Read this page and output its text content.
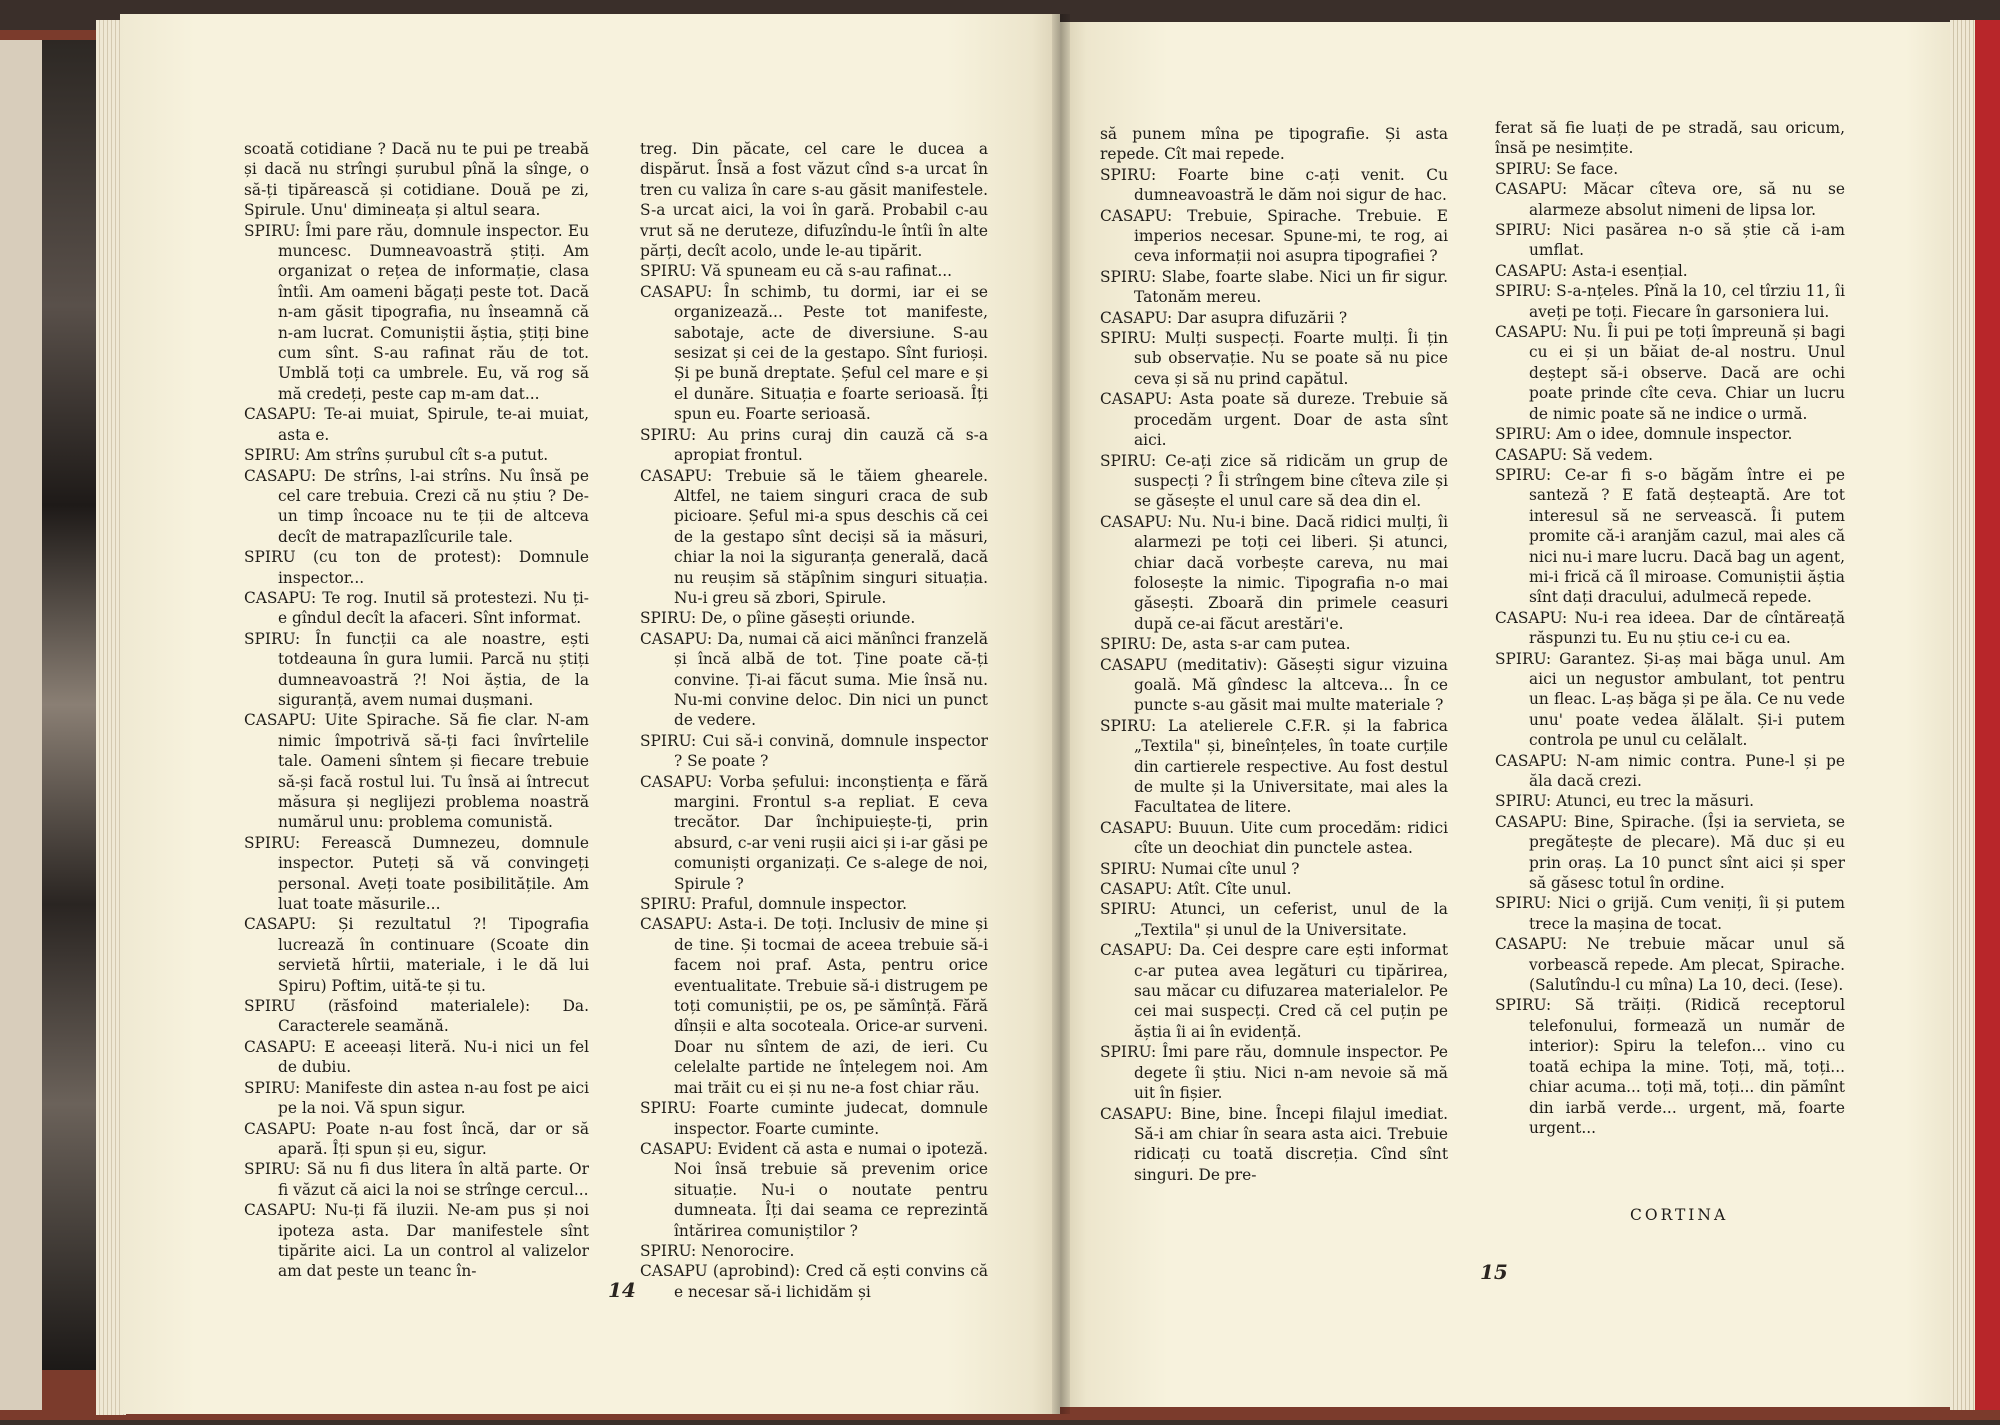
scoată cotidiane ? Dacă nu te pui pe treabă și dacă nu strîngi șurubul pînă la sînge, o să-ți tipărească și cotidiane. Două pe zi, Spirule. Unu' dimineața și altul seara.

SPIRU: Îmi pare rău, domnule inspector. Eu muncesc. Dumneavoastră știți. Am organizat o rețea de informație, clasa întîi. Am oameni băgați peste tot. Dacă n-am găsit tipografia, nu înseamnă că n-am lucrat. Comuniștii ăștia, știți bine cum sînt. S-au rafinat rău de tot. Umblă toți ca umbrele. Eu, vă rog să mă credeți, peste cap m-am dat...

CASAPU: Te-ai muiat, Spirule, te-ai muiat, asta e.

SPIRU: Am strîns șurubul cît s-a putut.

CASAPU: De strîns, l-ai strîns. Nu însă pe cel care trebuia. Crezi că nu știu ? De-un timp încoace nu te ții de altceva decît de matrapazlîcurile tale.

SPIRU (cu ton de protest): Domnule inspector...

CASAPU: Te rog. Inutil să protestezi. Nu ți-e gîndul decît la afaceri. Sînt informat.

SPIRU: În funcții ca ale noastre, ești totdeauna în gura lumii. Parcă nu știți dumneavoastră ?! Noi ăștia, de la siguranță, avem numai dușmani.

CASAPU: Uite Spirache. Să fie clar. N-am nimic împotrivă să-ți faci învîrtelile tale. Oameni sîntem și fiecare trebuie să-și facă rostul lui. Tu însă ai întrecut măsura și neglijezi problema noastră numărul unu: problema comunistă.

SPIRU: Ferească Dumnezeu, domnule inspector. Puteți să vă convingeți personal. Aveți toate posibilitățile. Am luat toate măsurile...

CASAPU: Și rezultatul ?! Tipografia lucrează în continuare (Scoate din servietă hîrtii, materiale, i le dă lui Spiru) Poftim, uită-te și tu.

SPIRU (răsfoind materialele): Da. Caracterele seamănă.

CASAPU: E aceeași literă. Nu-i nici un fel de dubiu.

SPIRU: Manifeste din astea n-au fost pe aici pe la noi. Vă spun sigur.

CASAPU: Poate n-au fost încă, dar or să apară. Îți spun și eu, sigur.

SPIRU: Să nu fi dus litera în altă parte. Or fi văzut că aici la noi se strînge cercul...

CASAPU: Nu-ți fă iluzii. Ne-am pus și noi ipoteza asta. Dar manifestele sînt tipărite aici. La un control al valizelor am dat peste un teanc în-

treg. Din păcate, cel care le ducea a dispărut. Însă a fost văzut cînd s-a urcat în tren cu valiza în care s-au găsit manifestele. S-a urcat aici, la voi în gară. Probabil c-au vrut să ne deruteze, difuzîndu-le întîi în alte părți, decît acolo, unde le-au tipărit.

SPIRU: Vă spuneam eu că s-au rafinat...

CASAPU: În schimb, tu dormi, iar ei se organizează... Peste tot manifeste, sabotaje, acte de diversiune. S-au sesizat și cei de la gestapo. Sînt furioși. Și pe bună dreptate. Șeful cel mare e și el dunăre. Situația e foarte serioasă. Îți spun eu. Foarte serioasă.

SPIRU: Au prins curaj din cauză că s-a apropiat frontul.

CASAPU: Trebuie să le tăiem ghearele. Altfel, ne taiem singuri craca de sub picioare. Șeful mi-a spus deschis că cei de la gestapo sînt deciși să ia măsuri, chiar la noi la siguranța generală, dacă nu reușim să stăpînim singuri situația. Nu-i greu să zbori, Spirule.

SPIRU: De, o pîine găsești oriunde.

CASAPU: Da, numai că aici mănînci franzelă și încă albă de tot. Ține poate că-ți convine. Ți-ai făcut suma. Mie însă nu. Nu-mi convine deloc. Din nici un punct de vedere.

SPIRU: Cui să-i convină, domnule inspector ? Se poate ?

CASAPU: Vorba șefului: inconștiența e fără margini. Frontul s-a repliat. E ceva trecător. Dar închipuiește-ți, prin absurd, c-ar veni rușii aici și i-ar găsi pe comuniști organizați. Ce s-alege de noi, Spirule ?

SPIRU: Praful, domnule inspector.

CASAPU: Asta-i. De toți. Inclusiv de mine și de tine. Și tocmai de aceea trebuie să-i facem noi praf. Asta, pentru orice eventualitate. Trebuie să-i distrugem pe toți comuniștii, pe os, pe sămînță. Fără dînșii e alta socoteala. Orice-ar surveni. Doar nu sîntem de azi, de ieri. Cu celelalte partide ne înțelegem noi. Am mai trăit cu ei și nu ne-a fost chiar rău.

SPIRU: Foarte cuminte judecat, domnule inspector. Foarte cuminte.

CASAPU: Evident că asta e numai o ipoteză. Noi însă trebuie să prevenim orice situație. Nu-i o noutate pentru dumneata. Îți dai seama ce reprezintă întărirea comuniștilor ?

SPIRU: Nenorocire.

CASAPU (aprobind): Cred că ești convins că e necesar să-i lichidăm și

să punem mîna pe tipografie. Și asta repede. Cît mai repede.

SPIRU: Foarte bine c-ați venit. Cu dumneavoastră le dăm noi sigur de hac.

CASAPU: Trebuie, Spirache. Trebuie. E imperios necesar. Spune-mi, te rog, ai ceva informații noi asupra tipografiei ?

SPIRU: Slabe, foarte slabe. Nici un fir sigur. Tatonăm mereu.

CASAPU: Dar asupra difuzării ?

SPIRU: Mulți suspecți. Foarte mulți. Îi țin sub observație. Nu se poate să nu pice ceva și să nu prind capătul.

CASAPU: Asta poate să dureze. Trebuie să procedăm urgent. Doar de asta sînt aici.

SPIRU: Ce-ați zice să ridicăm un grup de suspecți ? Îi strîngem bine cîteva zile și se găsește el unul care să dea din el.

CASAPU: Nu. Nu-i bine. Dacă ridici mulți, îi alarmezi pe toți cei liberi. Și atunci, chiar dacă vorbește careva, nu mai folosește la nimic. Tipografia n-o mai găsești. Zboară din primele ceasuri după ce-ai făcut arestări'e.

SPIRU: De, asta s-ar cam putea.

CASAPU (meditativ): Găsești sigur vizuina goală. Mă gîndesc la altceva... În ce puncte s-au găsit mai multe materiale ?

SPIRU: La atelierele C.F.R. și la fabrica „Textila" și, bineînțeles, în toate curțile din cartierele respective. Au fost destul de multe și la Universitate, mai ales la Facultatea de litere.

CASAPU: Buuun. Uite cum procedăm: ridici cîte un deochiat din punctele astea.

SPIRU: Numai cîte unul ?

CASAPU: Atît. Cîte unul.

SPIRU: Atunci, un ceferist, unul de la „Textila" și unul de la Universitate.

CASAPU: Da. Cei despre care ești informat c-ar putea avea legături cu tipărirea, sau măcar cu difuzarea materialelor. Pe cei mai suspecți. Cred că cel puțin pe ăștia îi ai în evidență.

SPIRU: Îmi pare rău, domnule inspector. Pe degete îi știu. Nici n-am nevoie să mă uit în fișier.

CASAPU: Bine, bine. Începi filajul imediat. Să-i am chiar în seara asta aici. Trebuie ridicați cu toată discreția. Cînd sînt singuri. De pre-

ferat să fie luați de pe stradă, sau oricum, însă pe nesimțite.

SPIRU: Se face.

CASAPU: Măcar cîteva ore, să nu se alarmeze absolut nimeni de lipsa lor.

SPIRU: Nici pasărea n-o să știe că i-am umflat.

CASAPU: Asta-i esențial.

SPIRU: S-a-nțeles. Pînă la 10, cel tîrziu 11, îi aveți pe toți. Fiecare în garsoniera lui.

CASAPU: Nu. Îi pui pe toți împreună și bagi cu ei și un băiat de-al nostru. Unul deștept să-i observe. Dacă are ochi poate prinde cîte ceva. Chiar un lucru de nimic poate să ne indice o urmă.

SPIRU: Am o idee, domnule inspector.

CASAPU: Să vedem.

SPIRU: Ce-ar fi s-o băgăm între ei pe santeză ? E fată deșteaptă. Are tot interesul să ne servească. Îi putem promite că-i aranjăm cazul, mai ales că nici nu-i mare lucru. Dacă bag un agent, mi-i frică că îl miroase. Comuniștii ăștia sînt dați dracului, adulmecă repede.

CASAPU: Nu-i rea ideea. Dar de cîntăreață răspunzi tu. Eu nu știu ce-i cu ea.

SPIRU: Garantez. Și-aș mai băga unul. Am aici un negustor ambulant, tot pentru un fleac. L-aș băga și pe ăla. Ce nu vede unu' poate vedea ălălalt. Și-i putem controla pe unul cu celălalt.

CASAPU: N-am nimic contra. Pune-l și pe ăla dacă crezi.

SPIRU: Atunci, eu trec la măsuri.

CASAPU: Bine, Spirache. (Își ia servieta, se pregătește de plecare). Mă duc și eu prin oraș. La 10 punct sînt aici și sper să găsesc totul în ordine.

SPIRU: Nici o grijă. Cum veniți, îi și putem trece la mașina de tocat.

CASAPU: Ne trebuie măcar unul să vorbească repede. Am plecat, Spirache. (Salutîndu-l cu mîna) La 10, deci. (Iese).

SPIRU: Să trăiți. (Ridică receptorul telefonului, formează un număr de interior): Spiru la telefon... vino cu toată echipa la mine. Toți, mă, toți... chiar acuma... toți mă, toți... din pămînt din iarbă verde... urgent, mă, foarte urgent...

14
15
CORTINA
